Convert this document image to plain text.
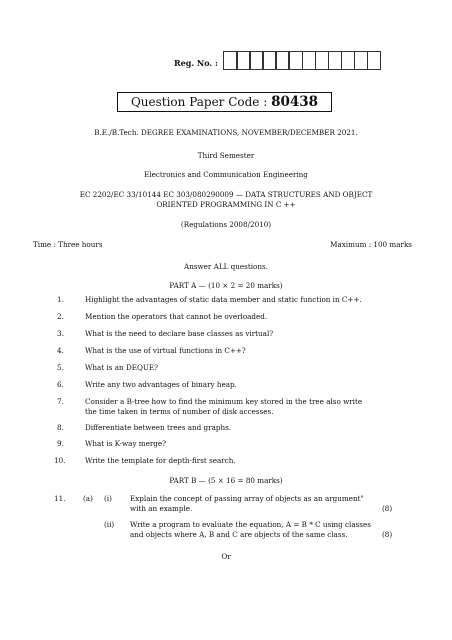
Reg. No. :
Question Paper Code : 80438
B.E./B.Tech. DEGREE EXAMINATIONS, NOVEMBER/DECEMBER 2021.
Third Semester
Electronics and Communication Engineering
EC 2202/EC 33/10144 EC 303/080290009 — DATA STRUCTURES AND OBJECT
ORIENTED PROGRAMMING IN C ++
(Regulations 2008/2010)
Time : Three hours	Maximum : 100 marks
Answer ALL questions.
PART A — (10 × 2 = 20 marks)
1.	Highlight the advantages of static data member and static function in C++.
2.	Mention the operators that cannot be overloaded.
3.	What is the need to declare base classes as virtual?
4.	What is the use of virtual functions in C++?
5.	What is an DEQUE?
6.	Write any two advantages of binary heap.
7.	Consider a B-tree how to find the minimum key stored in the tree also write
the time taken in terms of number of disk accesses.
8.	Differentiate between trees and graphs.
9.	What is K-way merge?
10.	Write the template for depth-first search.
PART B — (5 × 16 = 80 marks)
11. (a) (i)	Explain the concept of passing array of objects as an argument"
with an example.	(8)
(ii) Write a program to evaluate the equation, A = B * C using classes
and objects where A, B and C are objects of the same class.	(8)
Or
